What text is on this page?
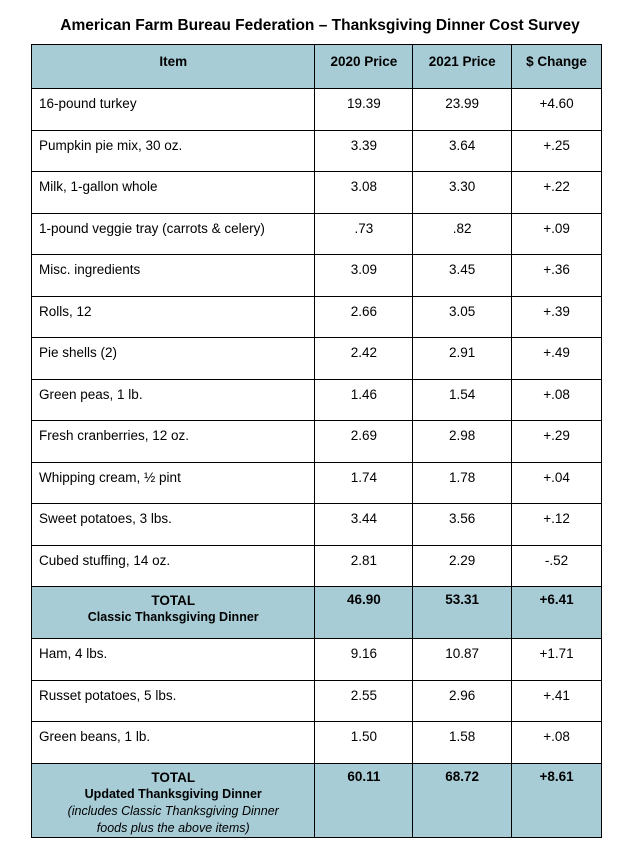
American Farm Bureau Federation – Thanksgiving Dinner Cost Survey
Item	2020 Price	2021 Price	$ Change
16-pound turkey	19.39	23.99	+4.60
Pumpkin pie mix, 30 oz.	3.39	3.64	+.25
Milk, 1-gallon whole	3.08	3.30	+.22
1-pound veggie tray (carrots & celery)	.73	.82	+.09
Misc. ingredients	3.09	3.45	+.36
Rolls, 12	2.66	3.05	+.39
Pie shells (2)	2.42	2.91	+.49
Green peas, 1 lb.	1.46	1.54	+.08
Fresh cranberries, 12 oz.	2.69	2.98	+.29
Whipping cream, ½ pint	1.74	1.78	+.04
Sweet potatoes, 3 lbs.	3.44	3.56	+.12
Cubed stuffing, 14 oz.	2.81	2.29	-.52

TOTAL
Classic Thanksgiving Dinner	46.90	53.31	+6.41
Ham, 4 lbs.	9.16	10.87	+1.71
Russet potatoes, 5 lbs.	2.55	2.96	+.41
Green beans, 1 lb.	1.50	1.58	+.08

TOTAL
Updated Thanksgiving Dinner
(includes Classic Thanksgiving Dinner
foods plus the above items)	60.11	68.72	+8.61
